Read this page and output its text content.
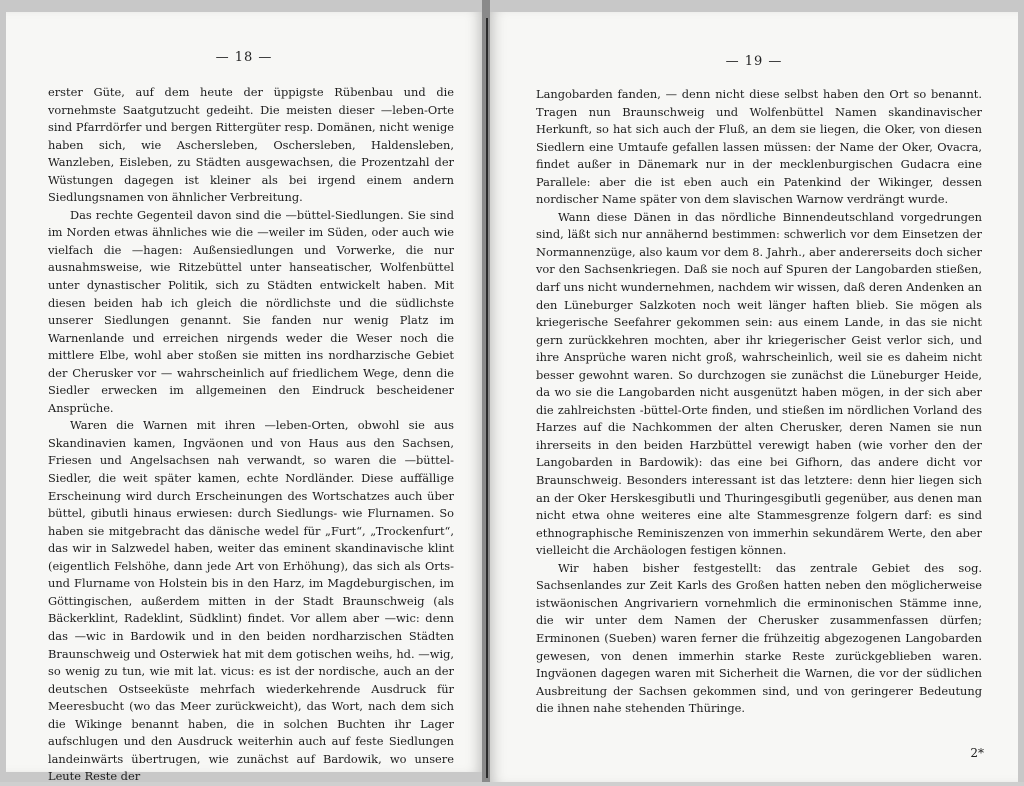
— 18 —

erster Güte, auf dem heute der üppigste Rübenbau und die vornehmste Saatgutzucht gedeiht. Die meisten dieser —leben-Orte sind Pfarrdörfer und bergen Rittergüter resp. Domänen, nicht wenige haben sich, wie Aschersleben, Oschersleben, Haldensleben, Wanzleben, Eisleben, zu Städten ausgewachsen, die Prozentzahl der Wüstungen dagegen ist kleiner als bei irgend einem andern Siedlungsnamen von ähnlicher Verbreitung.

Das rechte Gegenteil davon sind die —büttel-Siedlungen. Sie sind im Norden etwas ähnliches wie die —weiler im Süden, oder auch wie vielfach die —hagen: Außensiedlungen und Vorwerke, die nur ausnahmsweise, wie Ritzebüttel unter hanseatischer, Wolfenbüttel unter dynastischer Politik, sich zu Städten entwickelt haben. Mit diesen beiden hab ich gleich die nördlichste und die südlichste unserer Siedlungen genannt. Sie fanden nur wenig Platz im Warnenlande und erreichen nirgends weder die Weser noch die mittlere Elbe, wohl aber stoßen sie mitten ins nordharzische Gebiet der Cherusker vor — wahrscheinlich auf friedlichem Wege, denn die Siedler erwecken im allgemeinen den Eindruck bescheidener Ansprüche.

Waren die Warnen mit ihren —leben-Orten, obwohl sie aus Skandinavien kamen, Ingväonen und von Haus aus den Sachsen, Friesen und Angelsachsen nah verwandt, so waren die —büttel-Siedler, die weit später kamen, echte Nordländer. Diese auffällige Erscheinung wird durch Erscheinungen des Wortschatzes auch über büttel, gibutli hinaus erwiesen: durch Siedlungs- wie Flurnamen. So haben sie mitgebracht das dänische wedel für „Furt“, „Trockenfurt“, das wir in Salzwedel haben, weiter das eminent skandinavische klint (eigentlich Felshöhe, dann jede Art von Erhöhung), das sich als Orts- und Flurname von Holstein bis in den Harz, im Magdeburgischen, im Göttingischen, außerdem mitten in der Stadt Braunschweig (als Bäckerklint, Radeklint, Südklint) findet. Vor allem aber —wic: denn das —wic in Bardowik und in den beiden nordharzischen Städten Braunschweig und Osterwiek hat mit dem gotischen weihs, hd. —wig, so wenig zu tun, wie mit lat. vicus: es ist der nordische, auch an der deutschen Ostseeküste mehrfach wiederkehrende Ausdruck für Meeresbucht (wo das Meer zurückweicht), das Wort, nach dem sich die Wikinge benannt haben, die in solchen Buchten ihr Lager aufschlugen und den Ausdruck weiterhin auch auf feste Siedlungen landeinwärts übertrugen, wie zunächst auf Bardowik, wo unsere Leute Reste der

— 19 —

Langobarden fanden, — denn nicht diese selbst haben den Ort so benannt. Tragen nun Braunschweig und Wolfenbüttel Namen skandinavischer Herkunft, so hat sich auch der Fluß, an dem sie liegen, die Oker, von diesen Siedlern eine Umtaufe gefallen lassen müssen: der Name der Oker, Ovacra, findet außer in Dänemark nur in der mecklenburgischen Gudacra eine Parallele: aber die ist eben auch ein Patenkind der Wikinger, dessen nordischer Name später von dem slavischen Warnow verdrängt wurde.

Wann diese Dänen in das nördliche Binnendeutschland vorgedrungen sind, läßt sich nur annähernd bestimmen: schwerlich vor dem Einsetzen der Normannenzüge, also kaum vor dem 8. Jahrh., aber andererseits doch sicher vor den Sachsenkriegen. Daß sie noch auf Spuren der Langobarden stießen, darf uns nicht wundernehmen, nachdem wir wissen, daß deren Andenken an den Lüneburger Salzkoten noch weit länger haften blieb. Sie mögen als kriegerische Seefahrer gekommen sein: aus einem Lande, in das sie nicht gern zurückkehren mochten, aber ihr kriegerischer Geist verlor sich, und ihre Ansprüche waren nicht groß, wahrscheinlich, weil sie es daheim nicht besser gewohnt waren. So durchzogen sie zunächst die Lüneburger Heide, da wo sie die Langobarden nicht ausgenützt haben mögen, in der sich aber die zahlreichsten -büttel-Orte finden, und stießen im nördlichen Vorland des Harzes auf die Nachkommen der alten Cherusker, deren Namen sie nun ihrerseits in den beiden Harzbüttel verewigt haben (wie vorher den der Langobarden in Bardowik): das eine bei Gifhorn, das andere dicht vor Braunschweig. Besonders interessant ist das letztere: denn hier liegen sich an der Oker Herskesgibutli und Thuringesgibutli gegenüber, aus denen man nicht etwa ohne weiteres eine alte Stammesgrenze folgern darf: es sind ethnographische Reminiszenzen von immerhin sekundärem Werte, den aber vielleicht die Archäologen festigen können.

Wir haben bisher festgestellt: das zentrale Gebiet des sog. Sachsenlandes zur Zeit Karls des Großen hatten neben den möglicherweise istwäonischen Angrivariern vornehmlich die erminonischen Stämme inne, die wir unter dem Namen der Cherusker zusammenfassen dürfen; Erminonen (Sueben) waren ferner die frühzeitig abgezogenen Langobarden gewesen, von denen immerhin starke Reste zurückgeblieben waren. Ingväonen dagegen waren mit Sicherheit die Warnen, die vor der südlichen Ausbreitung der Sachsen gekommen sind, und von geringerer Bedeutung die ihnen nahe stehenden Thüringe.

2*
